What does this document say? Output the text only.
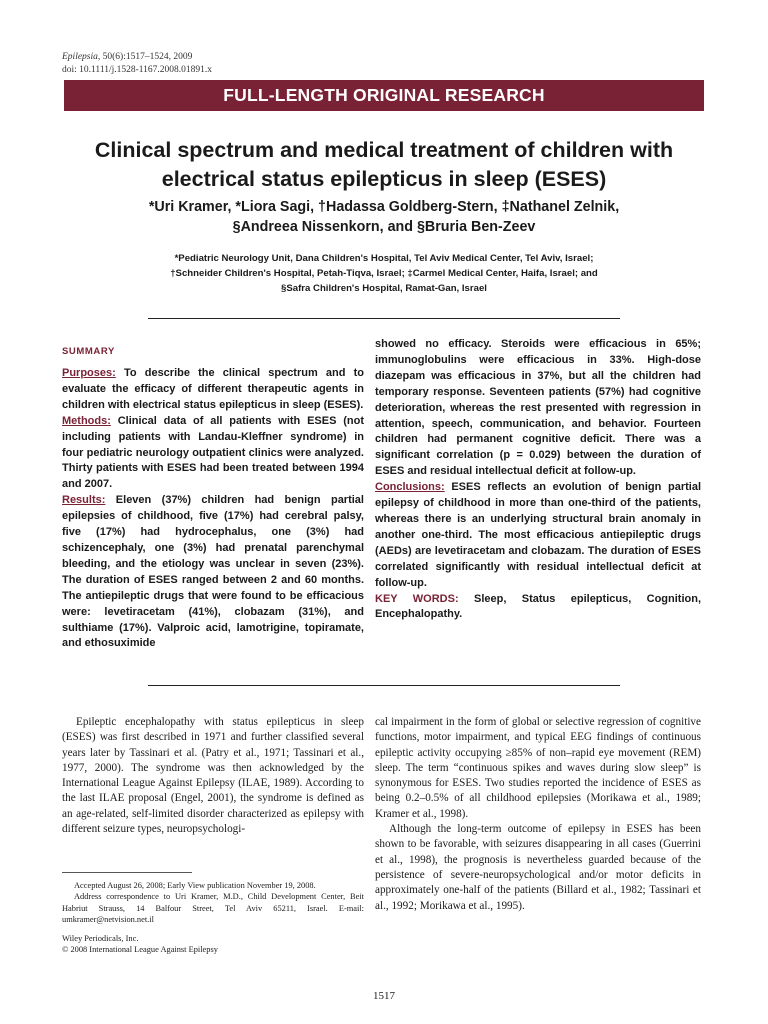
Epilepsia, 50(6):1517–1524, 2009
doi: 10.1111/j.1528-1167.2008.01891.x
FULL-LENGTH ORIGINAL RESEARCH
Clinical spectrum and medical treatment of children with
electrical status epilepticus in sleep (ESES)
*Uri Kramer, *Liora Sagi, †Hadassa Goldberg-Stern, ‡Nathanel Zelnik,
§Andreea Nissenkorn, and §Bruria Ben-Zeev
*Pediatric Neurology Unit, Dana Children's Hospital, Tel Aviv Medical Center, Tel Aviv, Israel;
†Schneider Children's Hospital, Petah-Tiqva, Israel; ‡Carmel Medical Center, Haifa, Israel; and
§Safra Children's Hospital, Ramat-Gan, Israel
SUMMARY

Purposes: To describe the clinical spectrum and to evaluate the efficacy of different therapeutic agents in children with electrical status epilepticus in sleep (ESES).

Methods: Clinical data of all patients with ESES (not including patients with Landau-Kleffner syndrome) in four pediatric neurology outpatient clinics were analyzed. Thirty patients with ESES had been treated between 1994 and 2007.

Results: Eleven (37%) children had benign partial epilepsies of childhood, five (17%) had cerebral palsy, five (17%) had hydrocephalus, one (3%) had schizencephaly, one (3%) had prenatal parenchymal bleeding, and the etiology was unclear in seven (23%). The duration of ESES ranged between 2 and 60 months. The antiepileptic drugs that were found to be efficacious were: levetiracetam (41%), clobazam (31%), and sulthiame (17%). Valproic acid, lamotrigine, topiramate, and ethosuximide

showed no efficacy. Steroids were efficacious in 65%; immunoglobulins were efficacious in 33%. High-dose diazepam was efficacious in 37%, but all the children had temporary response. Seventeen patients (57%) had cognitive deterioration, whereas the rest presented with regression in attention, speech, communication, and behavior. Fourteen children had permanent cognitive deficit. There was a significant correlation (p = 0.029) between the duration of ESES and residual intellectual deficit at follow-up.

Conclusions: ESES reflects an evolution of benign partial epilepsy of childhood in more than one-third of the patients, whereas there is an underlying structural brain anomaly in another one-third. The most efficacious antiepileptic drugs (AEDs) are levetiracetam and clobazam. The duration of ESES correlated significantly with residual intellectual deficit at follow-up.

KEY WORDS: Sleep, Status epilepticus, Cognition, Encephalopathy.

Epileptic encephalopathy with status epilepticus in sleep (ESES) was first described in 1971 and further classified several years later by Tassinari et al. (Patry et al., 1971; Tassinari et al., 1977, 2000). The syndrome was then acknowledged by the International League Against Epilepsy (ILAE, 1989). According to the last ILAE proposal (Engel, 2001), the syndrome is defined as an age-related, self-limited disorder characterized as epilepsy with different seizure types, neuropsychologi-

cal impairment in the form of global or selective regression of cognitive functions, motor impairment, and typical EEG findings of continuous epileptic activity occupying ≥85% of non–rapid eye movement (REM) sleep. The term “continuous spikes and waves during slow sleep” is synonymous for ESES. Two studies reported the incidence of ESES as being 0.2–0.5% of all childhood epilepsies (Morikawa et al., 1989; Kramer et al., 1998).

Although the long-term outcome of epilepsy in ESES has been shown to be favorable, with seizures disappearing in all cases (Guerrini et al., 1998), the prognosis is nevertheless guarded because of the persistence of severe-neuropsychological and/or motor deficits in approximately one-half of the patients (Billard et al., 1982; Tassinari et al., 1992; Morikawa et al., 1995).

Accepted August 26, 2008; Early View publication November 19, 2008.

Address correspondence to Uri Kramer, M.D., Child Development Center, Beit Habriut Strauss, 14 Balfour Street, Tel Aviv 65211, Israel. E-mail: umkramer@netvision.net.il

Wiley Periodicals, Inc.

© 2008 International League Against Epilepsy

1517
